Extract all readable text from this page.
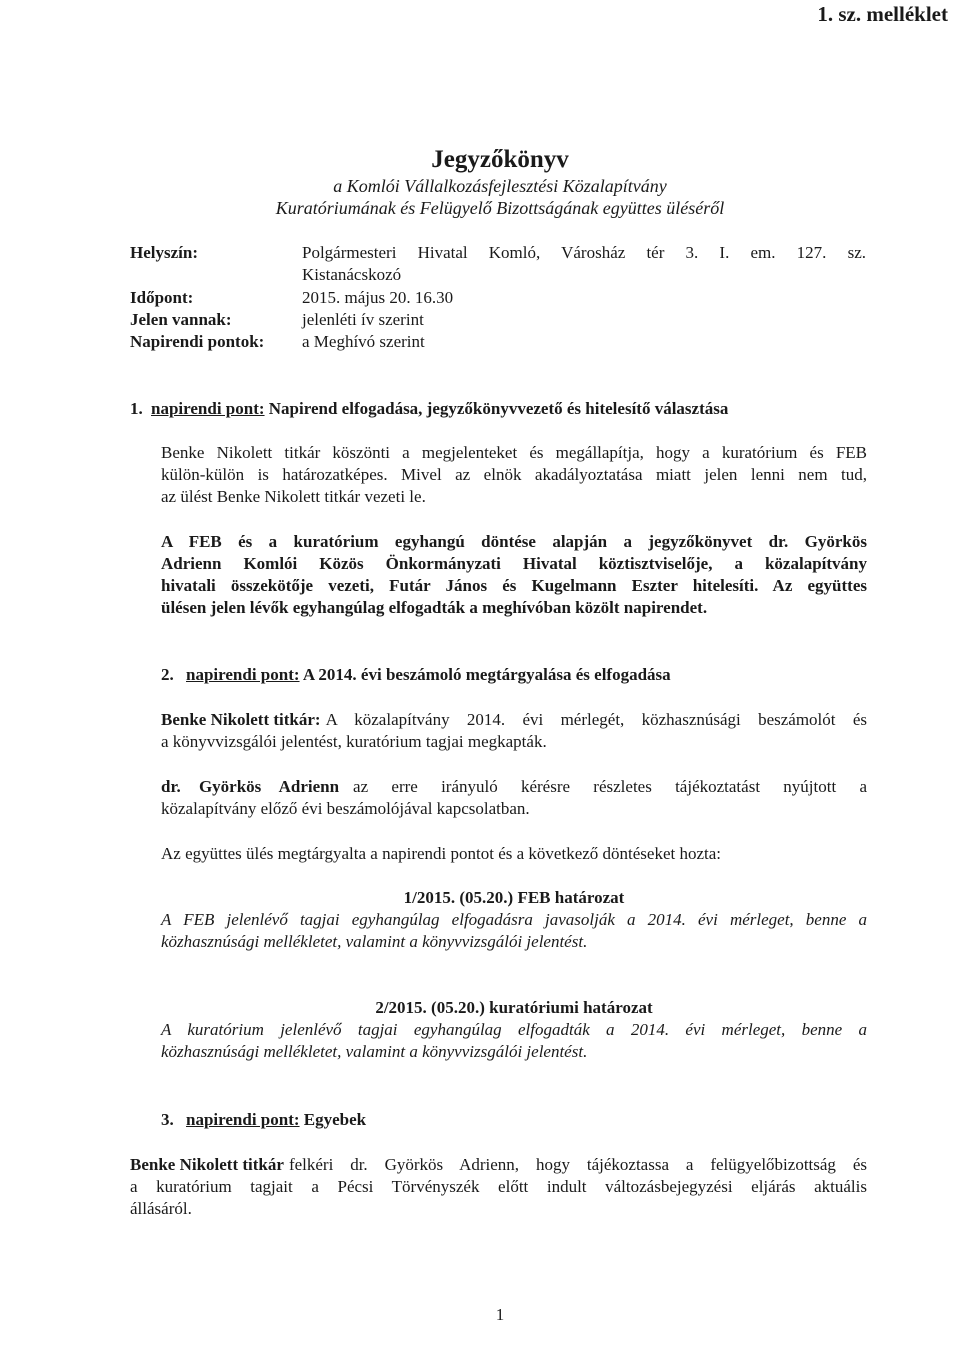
1. sz. melléklet
Jegyzőkönyv
a Komlói Vállalkozásfejlesztési Közalapítvány
Kuratóriumának és Felügyelő Bizottságának együttes üléséről
Helyszín:	Polgármesteri Hivatal Komló, Városház tér 3. I. em. 127. sz.
Kistanácskozó
Időpont:	2015. május 20. 16.30
Jelen vannak:	jelenléti ív szerint
Napirendi pontok: a Meghívó szerint
1. napirendi pont: Napirend elfogadása, jegyzőkönyvvezető és hitelesítő választása
Benke Nikolett titkár köszönti a megjelenteket és megállapítja, hogy a kuratórium és FEB
külön-külön is határozatképes. Mivel az elnök akadályoztatása miatt jelen lenni nem tud,
az ülést Benke Nikolett titkár vezeti le.
A FEB és a kuratórium egyhangú döntése alapján a jegyzőkönyvet dr. Györkös
Adrienn Komlói Közös Önkormányzati Hivatal köztisztviselője, a közalapítvány
hivatali összekötője vezeti, Futár János és Kugelmann Eszter hitelesíti. Az együttes
ülésen jelen lévők egyhangúlag elfogadták a meghívóban közölt napirendet.
2. napirendi pont: A 2014. évi beszámoló megtárgyalása és elfogadása
Benke Nikolett titkár: A közalapítvány 2014. évi mérlegét, közhasznúsági beszámolót és
a könyvvizsgálói jelentést, kuratórium tagjai megkapták.
dr. Györkös Adrienn az erre irányuló kérésre részletes tájékoztatást nyújtott a
közalapítvány előző évi beszámolójával kapcsolatban.
Az együttes ülés megtárgyalta a napirendi pontot és a következő döntéseket hozta:
1/2015. (05.20.) FEB határozat
A FEB jelenlévő tagjai egyhangúlag elfogadásra javasolják a 2014. évi mérleget, benne a
közhasznúsági mellékletet, valamint a könyvvizsgálói jelentést.
2/2015. (05.20.) kuratóriumi határozat
A kuratórium jelenlévő tagjai egyhangúlag elfogadták a 2014. évi mérleget, benne a
közhasznúsági mellékletet, valamint a könyvvizsgálói jelentést.
3. napirendi pont: Egyebek
Benke Nikolett titkár felkéri dr. Györkös Adrienn, hogy tájékoztassa a felügyelőbizottság és
a kuratórium tagjait a Pécsi Törvényszék előtt indult változásbejegyzési eljárás aktuális
állásáról.
1
